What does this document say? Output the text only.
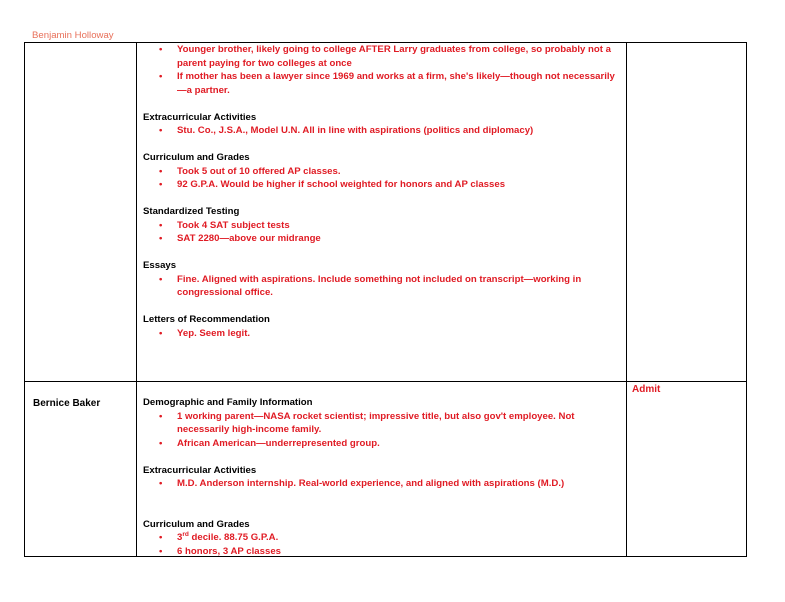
Benjamin Holloway
• Younger brother, likely going to college AFTER Larry graduates from college, so probably not a parent paying for two colleges at once
• If mother has been a lawyer since 1969 and works at a firm, she's likely—though not necessarily—a partner.

Extracurricular Activities

• Stu. Co., J.S.A., Model U.N. All in line with aspirations (politics and diplomacy)

Curriculum and Grades

• Took 5 out of 10 offered AP classes.
• 92 G.P.A. Would be higher if school weighted for honors and AP classes

Standardized Testing

• Took 4 SAT subject tests
• SAT 2280—above our midrange

Essays

• Fine. Aligned with aspirations. Include something not included on transcript—working in congressional office.

Letters of Recommendation

• Yep. Seem legit.
Bernice Baker
Admit

Demographic and Family Information

• 1 working parent—NASA rocket scientist; impressive title, but also gov't employee. Not necessarily high-income family.
• African American—underrepresented group.

Extracurricular Activities

• M.D. Anderson internship. Real-world experience, and aligned with aspirations (M.D.)

Curriculum and Grades

• 3rd decile. 88.75 G.P.A.
• 6 honors, 3 AP classes
